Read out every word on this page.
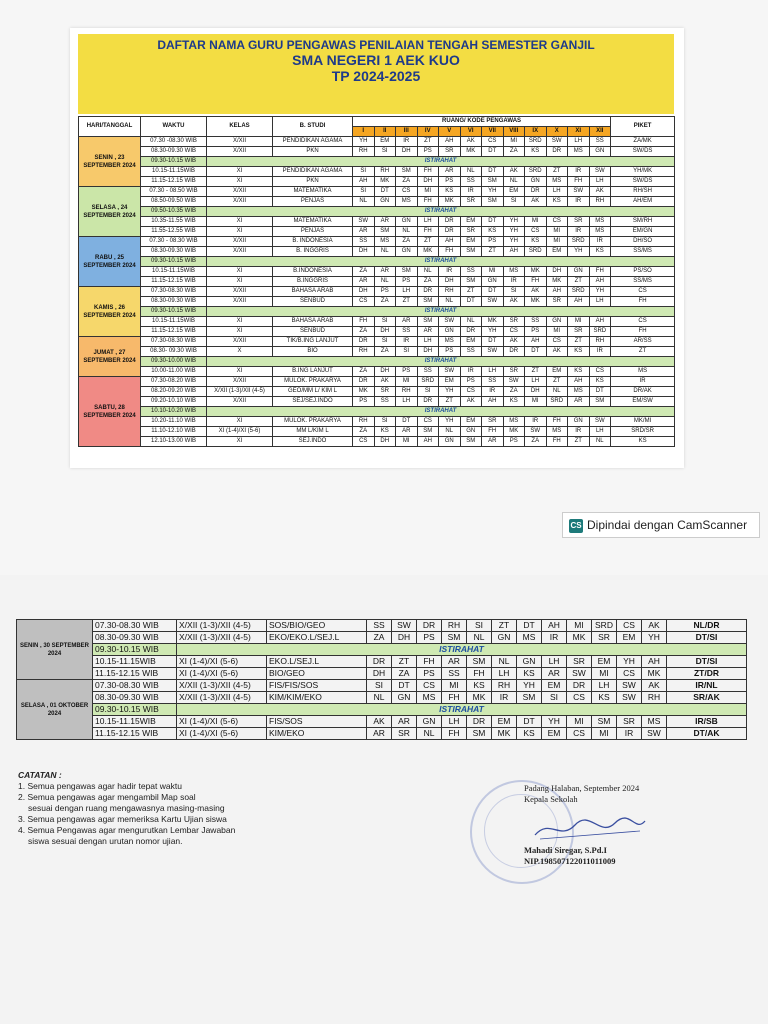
DAFTAR NAMA GURU PENGAWAS PENILAIAN TENGAH SEMESTER GANJIL
SMA NEGERI 1 AEK KUO
TP 2024-2025
HARI/TANGGAL	WAKTU	KELAS	B. STUDI	RUANG/ KODE PENGAWAS												PIKET
				I	II	III	IV	V	VI	VII	VIII	IX	X	XI	XII	
SENIN , 23 SEPTEMBER 2024	07.30 -08.30 WIB	X/XII	PENDIDIKAN AGAMA	YH	EM	IR	ZT	AH	AK	CS	MI	SRD	SW	LH	SS	ZA/MK
	08.30-09.30 WIB	X/XII	PKN	RH	SI	DH	PS	SR	MK	DT	ZA	KS	DR	MS	GN	SW/DS
	09.30-10.15 WIB	ISTIRAHAT														
	10.15-11.15WIB	XI	PENDIDIKAN AGAMA	SI	RH	SM	FH	AR	NL	DT	AK	SRD	ZT	IR	SW	YH/MK
	11.15-12.15 WIB	XI	PKN	AH	MK	ZA	DH	PS	SS	SM	NL	GN	MS	FH	LH	SW/DS
SELASA , 24 SEPTEMBER 2024	07.30 - 08.50 WIB	X/XII	MATEMATIKA	SI	DT	CS	MI	KS	IR	YH	EM	DR	LH	SW	AK	RH/SH
	08.50-09.50 WIB	X/XII	PENJAS	NL	GN	MS	FH	MK	SR	SM	SI	AK	KS	IR	RH	AH/EM
	09.50-10.35 WIB	ISTIRAHAT														
	10.35-11.55 WIB	XI	MATEMATIKA	SW	AR	GN	LH	DR	EM	DT	YH	MI	CS	SR	MS	SM/RH
	11.55-12.55 WIB	XI	PENJAS	AR	SM	NL	FH	DR	SR	KS	YH	CS	MI	IR	MS	EM/GN
RABU , 25 SEPTEMBER 2024	07.30 - 08.30 WIB	X/XII	B. INDONESIA	SS	MS	ZA	ZT	AH	EM	PS	YH	KS	MI	SRD	IR	DH/SO
	08.30-09.30 WIB	X/XII	B. INGGRIS	DH	NL	GN	MK	FH	SM	ZT	AH	SRD	EM	YH	KS	SS/MS
	09.30-10.15 WIB	ISTIRAHAT														
	10.15-11.15WIB	XI	B.INDONESIA	ZA	AR	SM	NL	IR	SS	MI	MS	MK	DH	GN	FH	PS/SO
	11.15-12.15 WIB	XI	B.INGGRIS	AR	NL	PS	ZA	DH	SM	GN	IR	FH	MK	ZT	AH	SS/MS
KAMIS , 26 SEPTEMBER 2024	07.30-08.30 WIB	X/XII	BAHASA ARAB	DH	PS	LH	DR	RH	ZT	DT	SI	AK	AH	SRD	YH	CS
	08.30-09.30 WIB	X/XII	SENBUD	CS	ZA	ZT	SM	NL	DT	SW	AK	MK	SR	AH	LH	FH
	09.30-10.15 WIB	ISTIRAHAT														
	10.15-11.15WIB	XI	BAHASA ARAB	FH	SI	AR	SM	SW	NL	MK	SR	SS	GN	MI	AH	CS
	11.15-12.15 WIB	XI	SENBUD	ZA	DH	SS	AR	GN	DR	YH	CS	PS	MI	SR	SRD	FH
JUMAT , 27 SEPTEMBER 2024	07.30-08.30 WIB	X/XII	TIK/B.ING LANJUT	DR	SI	IR	LH	MS	EM	DT	AK	AH	CS	ZT	RH	AR/SS
	08.30- 09.30 WIB	X	BIO	RH	ZA	SI	DH	PS	SS	SW	DR	DT	AK	KS	IR	ZT
	09.30-10.00 WIB	ISTIRAHAT														
	10.00-11.00 WIB	XI	B.ING LANJUT	ZA	DH	PS	SS	SW	IR	LH	SR	ZT	EM	KS	CS	MS
SABTU, 28 SEPTEMBER 2024	07.30-08.20 WIB	X/XII	MULOK. PRAKARYA	DR	AK	MI	SRD	EM	PS	SS	SW	LH	ZT	AH	KS	IR
	08.20-09.20 WIB	X/XII (1-3)/XII (4-5)	GEO/MM L/ KIM L	MK	SR	RH	SI	YH	CS	IR	ZA	DH	NL	MS	DT	DR/AK
	09.20-10.10 WIB	X/XII	SEJ/SEJ.INDO	PS	SS	LH	DR	ZT	AK	AH	KS	MI	SRD	AR	SM	EM/SW
	10.10-10.20 WIB	ISTIRAHAT														
	10.20-11.10 WIB	XI	MULOK. PRAKARYA	RH	SI	DT	CS	YH	EM	SR	MS	IR	FH	GN	SW	MK/MI
	11.10-12.10 WIB	XI (1-4)/XI (5-6)	MM L/KIM L	ZA	KS	AR	SM	NL	GN	FH	MK	SW	MS	IR	LH	SRD/SR
	12.10-13.00 WIB	XI	SEJ.INDO	CS	DH	MI	AH	GN	SM	AR	PS	ZA	FH	ZT	NL	KS
CS Dipindai dengan CamScanner
SENIN , 30 SEPTEMBER 2024	07.30-08.30 WIB	X/XII (1-3)/XII (4-5)	SOS/BIO/GEO	SS	SW	DR	RH	SI	ZT	DT	AH	MI	SRD	CS	AK	NL/DR
	08.30-09.30 WIB	X/XII (1-3)/XII (4-5)	EKO/EKO.L/SEJ.L	ZA	DH	PS	SM	NL	GN	MS	IR	MK	SR	EM	YH	DT/SI
	09.30-10.15 WIB	ISTIRAHAT														
	10.15-11.15WIB	XI (1-4)/XI (5-6)	EKO.L/SEJ.L	DR	ZT	FH	AR	SM	NL	GN	LH	SR	EM	YH	AH	DT/SI
	11.15-12.15 WIB	XI (1-4)/XI (5-6)	BIO/GEO	DH	ZA	PS	SS	FH	LH	KS	AR	SW	MI	CS	MK	ZT/DR
SELASA , 01 OKTOBER 2024	07.30-08.30 WIB	X/XII (1-3)/XII (4-5)	FIS/FIS/SOS	SI	DT	CS	MI	KS	RH	YH	EM	DR	LH	SW	AK	IR/NL
	08.30-09.30 WIB	X/XII (1-3)/XII (4-5)	KIM/KIM/EKO	NL	GN	MS	FH	MK	IR	SM	SI	CS	KS	SW	RH	SR/AK
	09.30-10.15 WIB	ISTIRAHAT														
	10.15-11.15WIB	XI (1-4)/XI (5-6)	FIS/SOS	AK	AR	GN	LH	DR	EM	DT	YH	MI	SM	SR	MS	IR/SB
	11.15-12.15 WIB	XI (1-4)/XI (5-6)	KIM/EKO	AR	SR	NL	FH	SM	MK	KS	EM	CS	MI	IR	SW	DT/AK
CATATAN :
1. Semua pengawas agar hadir tepat waktu
2. Semua pengawas agar mengambil Map soal
sesuai dengan ruang mengawasnya masing-masing
3. Semua pengawas agar memeriksa Kartu Ujian siswa
4. Semua Pengawas agar mengurutkan Lembar Jawaban
siswa sesuai dengan urutan nomor ujian.
Padang Halaban, September 2024
Kepala Sekolah
Mahadi Siregar, S.Pd.I
NIP.198507122011011009
